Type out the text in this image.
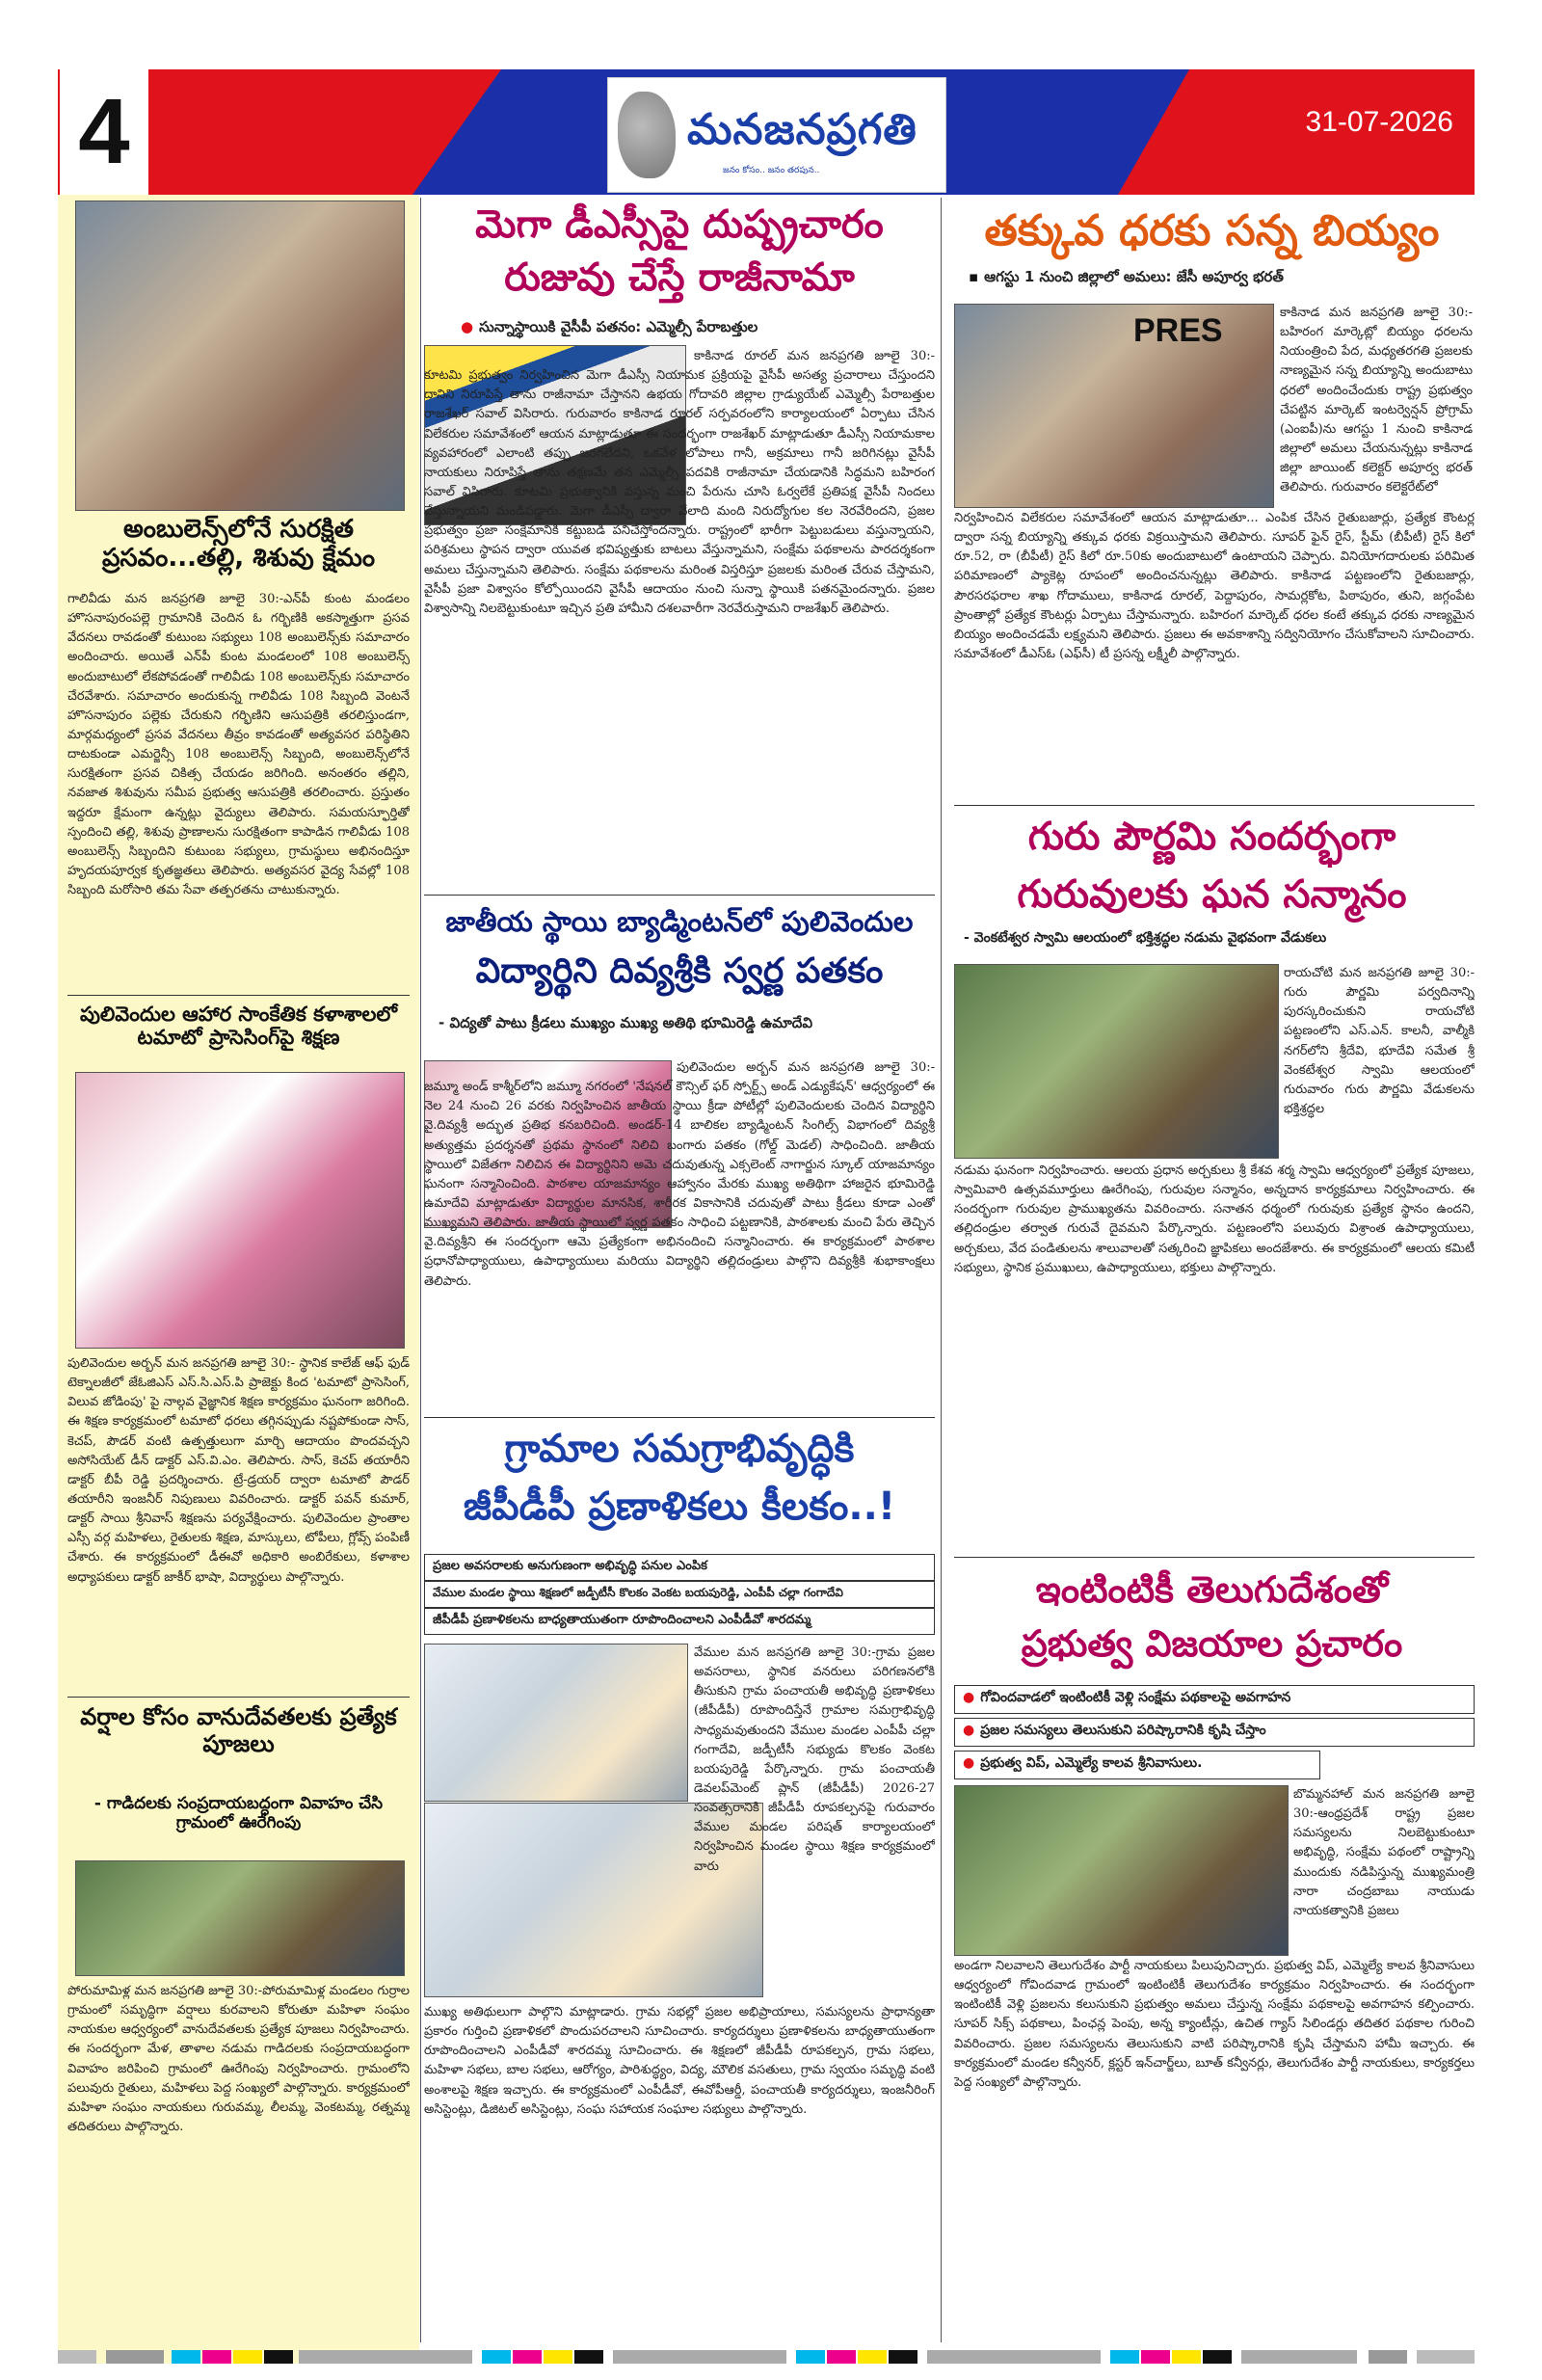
4	మనజనప్రగతి
జనం కోసం.. జనం తరపున..
31-07-2026
అంబులెన్స్‌లోనే సురక్షిత ప్రసవం...తల్లి, శిశువు క్షేమం
గాలివీడు మన జనప్రగతి జూలై 30:-ఎన్‌పీ కుంట మండలం హొసనాపురంపల్లె గ్రామానికి చెందిన ఓ గర్భిణికి అకస్మాత్తుగా ప్రసవ వేదనలు రావడంతో కుటుంబ సభ్యులు 108 అంబులెన్స్‌కు సమాచారం అందించారు. అయితే ఎన్‌పీ కుంట మండలంలో 108 అంబులెన్స్ అందుబాటులో లేకపోవడంతో గాలివీడు 108 అంబులెన్స్‌కు సమాచారం చేరవేశారు. సమాచారం అందుకున్న గాలివీడు 108 సిబ్బంది వెంటనే హొసనాపురం పల్లెకు చేరుకుని గర్భిణిని ఆసుపత్రికి తరలిస్తుండగా, మార్గమధ్యంలో ప్రసవ వేదనలు తీవ్రం కావడంతో అత్యవసర పరిస్థితిని దాటకుండా ఎమర్జెన్సీ 108 అంబులెన్స్ సిబ్బంది, అంబులెన్స్‌లోనే సురక్షితంగా ప్రసవ చికిత్స చేయడం జరిగింది. అనంతరం తల్లిని, నవజాత శిశువును సమీప ప్రభుత్వ ఆసుపత్రికి తరలించారు. ప్రస్తుతం ఇద్దరూ క్షేమంగా ఉన్నట్లు వైద్యులు తెలిపారు. సమయస్ఫూర్తితో స్పందించి తల్లి, శిశువు ప్రాణాలను సురక్షితంగా కాపాడిన గాలివీడు 108 అంబులెన్స్ సిబ్బందిని కుటుంబ సభ్యులు, గ్రామస్థులు అభినందిస్తూ హృదయపూర్వక కృతజ్ఞతలు తెలిపారు. అత్యవసర వైద్య సేవల్లో 108 సిబ్బంది మరోసారి తమ సేవా తత్పరతను చాటుకున్నారు.
పులివెందుల ఆహార సాంకేతిక కళాశాలలో టమాటో ప్రాసెసింగ్‌పై శిక్షణ
పులివెందుల అర్బన్ మన జనప్రగతి జూలై 30:- స్థానిక కాలేజ్ ఆఫ్ ఫుడ్ టెక్నాలజీలో జేఓజిఎస్ ఎస్.సి.ఎస్.పి ప్రాజెక్టు కింద 'టమాటో ప్రాసెసింగ్, విలువ జోడింపు' పై నాల్గవ వైజ్ఞానిక శిక్షణ కార్యక్రమం ఘనంగా జరిగింది. ఈ శిక్షణ కార్యక్రమంలో టమాటో ధరలు తగ్గినప్పుడు నష్టపోకుండా సాస్, కెచప్, పౌడర్ వంటి ఉత్పత్తులుగా మార్చి ఆదాయం పొందవచ్చని అసోసియేట్ డీన్ డాక్టర్ ఎస్.వి.ఎం. తెలిపారు. సాస్, కెచప్ తయారీని డాక్టర్ బీపీ రెడ్డి ప్రదర్శించారు. ట్రే-డ్రయర్ ద్వారా టమాటో పౌడర్ తయారీని ఇంజనీర్ నిపుణులు వివరించారు. డాక్టర్ పవన్ కుమార్, డాక్టర్ సాయి శ్రీనివాస్ శిక్షణను పర్యవేక్షించారు. పులివెందుల ప్రాంతాల ఎస్సీ వర్గ మహిళలు, రైతులకు శిక్షణ, మాస్కులు, టోపీలు, గ్లోవ్స్ పంపిణీ చేశారు. ఈ కార్యక్రమంలో డీఈవో అధికారి అంబిరేకులు, కళాశాల అధ్యాపకులు డాక్టర్ జాకీర్ భాషా, విద్యార్థులు పాల్గొన్నారు.
వర్షాల కోసం వానుదేవతలకు ప్రత్యేక పూజలు
- గాడిదలకు సంప్రదాయబద్ధంగా వివాహం చేసి గ్రామంలో ఊరేగింపు
పోరుమామిళ్ల మన జనప్రగతి జూలై 30:-పోరుమామిళ్ల మండలం గుర్రాల గ్రామంలో సమృద్ధిగా వర్షాలు కురవాలని కోరుతూ మహిళా సంఘం నాయకుల ఆధ్వర్యంలో వానుదేవతలకు ప్రత్యేక పూజలు నిర్వహించారు. ఈ సందర్భంగా మేళ, తాళాల నడుమ గాడిదలకు సంప్రదాయబద్ధంగా వివాహం జరిపించి గ్రామంలో ఊరేగింపు నిర్వహించారు. గ్రామంలోని పలువురు రైతులు, మహిళలు పెద్ద సంఖ్యలో పాల్గొన్నారు. కార్యక్రమంలో మహిళా సంఘం నాయకులు గురువమ్మ, లీలమ్మ, వెంకటమ్మ, రత్నమ్మ తదితరులు పాల్గొన్నారు.
మెగా డీఎస్సీపై దుష్ప్రచారం
రుజువు చేస్తే రాజీనామా
● సున్నాస్థాయికి వైసీపీ పతనం: ఎమ్మెల్సీ పేరాబత్తుల
కాకినాడ రూరల్ మన జనప్రగతి జూలై 30:-కూటమి ప్రభుత్వం నిర్వహించిన మెగా డీఎస్సీ నియామక ప్రక్రియపై వైసీపీ అసత్య ప్రచారాలు చేస్తుందని దానిని నిరూపిస్తే తాను రాజీనామా చేస్తానని ఉభయ గోదావరి జిల్లాల గ్రాడ్యుయేట్ ఎమ్మెల్సీ పేరాబత్తుల రాజశేఖర్ సవాల్ విసిరారు. గురువారం కాకినాడ రూరల్ సర్పవరంలోని కార్యాలయంలో ఏర్పాటు చేసిన విలేకరుల సమావేశంలో ఆయన మాట్లాడుతూ ఈ సందర్భంగా రాజశేఖర్ మాట్లాడుతూ డీఎస్సీ నియామకాల వ్యవహారంలో ఎలాంటి తప్పు జరగలేదని, ఒకవేళ లోపాలు గానీ, అక్రమాలు గానీ జరిగినట్లు వైసీపీ నాయకులు నిరూపిస్తే తాను తక్షణమే తన ఎమ్మెల్సీ పదవికి రాజీనామా చేయడానికి సిద్ధమని బహిరంగ సవాల్ విసిరారు. కూటమి ప్రభుత్వానికి వస్తున్న మంచి పేరును చూసి ఓర్వలేకే ప్రతిపక్ష వైసీపీ నిందలు వేస్తున్నాయని మండిపడ్డారు. మెగా డీఎస్సీ ద్వారా వేలాది మంది నిరుద్యోగుల కల నెరవేరిందని, ప్రజల ప్రభుత్వం ప్రజా సంక్షేమానికి కట్టుబడి పనిచేస్తోందన్నారు. రాష్ట్రంలో భారీగా పెట్టుబడులు వస్తున్నాయని, పరిశ్రమలు స్థాపన ద్వారా యువత భవిష్యత్తుకు బాటలు వేస్తున్నామని, సంక్షేమ పథకాలను పారదర్శకంగా అమలు చేస్తున్నామని తెలిపారు. సంక్షేమ పథకాలను మరింత విస్తరిస్తూ ప్రజలకు మరింత చేరువ చేస్తామని, వైసీపీ ప్రజా విశ్వాసం కోల్పోయిందని వైసీపీ ఆదాయం నుంచి సున్నా స్థాయికి పతనమైందన్నారు. ప్రజల విశ్వాసాన్ని నిలబెట్టుకుంటూ ఇచ్చిన ప్రతి హామీని దశలవారీగా నెరవేరుస్తామని రాజశేఖర్ తెలిపారు.
జాతీయ స్థాయి బ్యాడ్మింటన్‌లో పులివెందుల
విద్యార్థిని దివ్యశ్రీకి స్వర్ణ పతకం
- విద్యతో పాటు క్రీడలు ముఖ్యం ముఖ్య అతిథి భూమిరెడ్డి ఉమాదేవి
పులివెందుల అర్బన్ మన జనప్రగతి జూలై 30:-జమ్మూ అండ్ కాశ్మీర్‌లోని జమ్మూ నగరంలో 'నేషనల్ కౌన్సిల్ ఫర్ స్పోర్ట్స్ అండ్ ఎడ్యుకేషన్' ఆధ్వర్యంలో ఈ నెల 24 నుంచి 26 వరకు నిర్వహించిన జాతీయ స్థాయి క్రీడా పోటీల్లో పులివెందులకు చెందిన విద్యార్థిని వై.దివ్యశ్రీ అద్భుత ప్రతిభ కనబరిచింది. అండర్-14 బాలికల బ్యాడ్మింటన్ సింగిల్స్ విభాగంలో దివ్యశ్రీ అత్యుత్తమ ప్రదర్శనతో ప్రథమ స్థానంలో నిలిచి బంగారు పతకం (గోల్డ్ మెడల్) సాధించింది. జాతీయ స్థాయిలో విజేతగా నిలిచిన ఈ విద్యార్థినిని అమె చదువుతున్న ఎక్సలెంట్ నాగార్జున స్కూల్ యాజమాన్యం ఘనంగా సన్మానించింది. పాఠశాల యాజమాన్యం ఆహ్వానం మేరకు ముఖ్య అతిథిగా హాజరైన భూమిరెడ్డి ఉమాదేవి మాట్లాడుతూ విద్యార్థుల మానసిక, శారీరక వికాసానికి చదువుతో పాటు క్రీడలు కూడా ఎంతో ముఖ్యమని తెలిపారు. జాతీయ స్థాయిలో స్వర్ణ పతకం సాధించి పట్టణానికి, పాఠశాలకు మంచి పేరు తెచ్చిన వై.దివ్యశ్రీని ఈ సందర్భంగా ఆమె ప్రత్యేకంగా అభినందించి సన్మానించారు. ఈ కార్యక్రమంలో పాఠశాల ప్రధానోపాధ్యాయులు, ఉపాధ్యాయులు మరియు విద్యార్థిని తల్లిదండ్రులు పాల్గొని దివ్యశ్రీకి శుభాకాంక్షలు తెలిపారు.
గ్రామాల సమగ్రాభివృద్ధికి
జీపీడీపీ ప్రణాళికలు కీలకం..!
ప్రజల అవసరాలకు అనుగుణంగా అభివృద్ధి పనుల ఎంపిక
వేముల మండల స్థాయి శిక్షణలో జడ్పీటీసీ కొలకం వెంకట బయపురెడ్డి, ఎంపీపీ చల్లా గంగాదేవి
జీపీడీపీ ప్రణాళికలను బాధ్యతాయుతంగా రూపొందించాలని ఎంపీడీవో శారదమ్మ
వేముల మన జనప్రగతి జూలై 30:-గ్రామ ప్రజల అవసరాలు, స్థానిక వనరులు పరిగణనలోకి తీసుకుని గ్రామ పంచాయతీ అభివృద్ధి ప్రణాళికలు (జీపీడీపీ) రూపొందిస్తేనే గ్రామాల సమగ్రాభివృద్ధి సాధ్యమవుతుందని వేముల మండల ఎంపీపీ చల్లా గంగాదేవి, జడ్పీటీసీ సభ్యుడు కొలకం వెంకట బయపురెడ్డి పేర్కొన్నారు. గ్రామ పంచాయతీ డెవలప్‌మెంట్ ప్లాన్ (జీపీడీపీ) 2026-27 సంవత్సరానికి జీపీడీపీ రూపకల్పనపై గురువారం వేముల మండల పరిషత్ కార్యాలయంలో నిర్వహించిన మండల స్థాయి శిక్షణ కార్యక్రమంలో వారు
ముఖ్య అతిథులుగా పాల్గొని మాట్లాడారు. గ్రామ సభల్లో ప్రజల అభిప్రాయాలు, సమస్యలను ప్రాధాన్యతా ప్రకారం గుర్తించి ప్రణాళికలో పొందుపరచాలని సూచించారు. కార్యదర్శులు ప్రణాళికలను బాధ్యతాయుతంగా రూపొందించాలని ఎంపీడీవో శారదమ్మ సూచించారు. ఈ శిక్షణలో జీపీడీపీ రూపకల్పన, గ్రామ సభలు, మహిళా సభలు, బాల సభలు, ఆరోగ్యం, పారిశుద్ధ్యం, విద్య, మౌలిక వసతులు, గ్రామ స్వయం సమృద్ధి వంటి అంశాలపై శిక్షణ ఇచ్చారు. ఈ కార్యక్రమంలో ఎంపీడీవో, ఈవోపీఆర్డీ, పంచాయతీ కార్యదర్శులు, ఇంజనీరింగ్ అసిస్టెంట్లు, డిజిటల్ అసిస్టెంట్లు, సంఘ సహాయక సంఘాల సభ్యులు పాల్గొన్నారు.
తక్కువ ధరకు సన్న బియ్యం
▪ ఆగస్టు 1 నుంచి జిల్లాలో అమలు: జేసీ అపూర్వ భరత్
PRES	కాకినాడ మన జనప్రగతి జూలై 30:-బహిరంగ మార్కెట్లో బియ్యం ధరలను నియంత్రించి పేద, మధ్యతరగతి ప్రజలకు నాణ్యమైన సన్న బియ్యాన్ని అందుబాటు ధరలో అందించేందుకు రాష్ట్ర ప్రభుత్వం చేపట్టిన మార్కెట్ ఇంటర్వెన్షన్ ప్రోగ్రామ్ (ఎంఐపీ)ను ఆగస్టు 1 నుంచి కాకినాడ జిల్లాలో అమలు చేయనున్నట్లు కాకినాడ జిల్లా జాయింట్ కలెక్టర్ అపూర్వ భరత్ తెలిపారు. గురువారం కలెక్టరేట్‌లో
నిర్వహించిన విలేకరుల సమావేశంలో ఆయన మాట్లాడుతూ... ఎంపిక చేసిన రైతుబజార్లు, ప్రత్యేక కౌంటర్ల ద్వారా సన్న బియ్యాన్ని తక్కువ ధరకు విక్రయిస్తామని తెలిపారు. సూపర్ ఫైన్ రైస్, స్టీమ్ (బీపీటీ) రైస్ కిలో రూ.52, రా (బీపీటీ) రైస్ కిలో రూ.50కు అందుబాటులో ఉంటాయని చెప్పారు. వినియోగదారులకు పరిమిత పరిమాణంలో ప్యాకెట్ల రూపంలో అందించనున్నట్లు తెలిపారు. కాకినాడ పట్టణంలోని రైతుబజార్లు, పౌరసరఫరాల శాఖ గోదాములు, కాకినాడ రూరల్, పెద్దాపురం, సామర్లకోట, పిఠాపురం, తుని, జగ్గంపేట ప్రాంతాల్లో ప్రత్యేక కౌంటర్లు ఏర్పాటు చేస్తామన్నారు. బహిరంగ మార్కెట్ ధరల కంటే తక్కువ ధరకు నాణ్యమైన బియ్యం అందించడమే లక్ష్యమని తెలిపారు. ప్రజలు ఈ అవకాశాన్ని సద్వినియోగం చేసుకోవాలని సూచించారు. సమావేశంలో డీఎస్‌ఓ (ఎఫ్‌సీ) టీ ప్రసన్న లక్ష్మీలీ పాల్గొన్నారు.
గురు పౌర్ణమి సందర్భంగా
గురువులకు ఘన సన్మానం
- వెంకటేశ్వర స్వామి ఆలయంలో భక్తిశ్రద్ధల నడుమ వైభవంగా వేడుకలు
రాయచోటి మన జనప్రగతి జూలై 30:-గురు పౌర్ణమి పర్వదినాన్ని పురస్కరించుకుని రాయచోటి పట్టణంలోని ఎస్.ఎన్. కాలనీ, వాల్మీకి నగర్‌లోని శ్రీదేవి, భూదేవి సమేత శ్రీ వెంకటేశ్వర స్వామి ఆలయంలో గురువారం గురు పౌర్ణమి వేడుకలను భక్తిశ్రద్ధల
నడుమ ఘనంగా నిర్వహించారు. ఆలయ ప్రధాన అర్చకులు శ్రీ కేశవ శర్మ స్వామి ఆధ్వర్యంలో ప్రత్యేక పూజలు, స్వామివారి ఉత్సవమూర్తులు ఊరేగింపు, గురువుల సన్మానం, అన్నదాన కార్యక్రమాలు నిర్వహించారు. ఈ సందర్భంగా గురువుల ప్రాముఖ్యతను వివరించారు. సనాతన ధర్మంలో గురువుకు ప్రత్యేక స్థానం ఉందని, తల్లిదండ్రుల తర్వాత గురువే దైవమని పేర్కొన్నారు. పట్టణంలోని పలువురు విశ్రాంత ఉపాధ్యాయులు, అర్చకులు, వేద పండితులను శాలువాలతో సత్కరించి జ్ఞాపికలు అందజేశారు. ఈ కార్యక్రమంలో ఆలయ కమిటీ సభ్యులు, స్థానిక ప్రముఖులు, ఉపాధ్యాయులు, భక్తులు పాల్గొన్నారు.
ఇంటింటికీ తెలుగుదేశంతో
ప్రభుత్వ విజయాల ప్రచారం
● గోవిందవాడలో ఇంటింటికీ వెళ్లి సంక్షేమ పథకాలపై అవగాహన
● ప్రజల సమస్యలు తెలుసుకుని పరిష్కారానికి కృషి చేస్తాం
● ప్రభుత్వ విప్, ఎమ్మెల్యే కాలవ శ్రీనివాసులు.
బొమ్మనహాల్ మన జనప్రగతి జూలై 30:-ఆంధ్రప్రదేశ్ రాష్ట్ర ప్రజల సమస్యలను నిలబెట్టుకుంటూ అభివృద్ధి, సంక్షేమ పథంలో రాష్ట్రాన్ని ముందుకు నడిపిస్తున్న ముఖ్యమంత్రి నారా చంద్రబాబు నాయుడు నాయకత్వానికి ప్రజలు
అండగా నిలవాలని తెలుగుదేశం పార్టీ నాయకులు పిలుపునిచ్చారు. ప్రభుత్వ విప్, ఎమ్మెల్యే కాలవ శ్రీనివాసులు ఆధ్వర్యంలో గోవిందవాడ గ్రామంలో ఇంటింటికీ తెలుగుదేశం కార్యక్రమం నిర్వహించారు. ఈ సందర్భంగా ఇంటింటికీ వెళ్లి ప్రజలను కలుసుకుని ప్రభుత్వం అమలు చేస్తున్న సంక్షేమ పథకాలపై అవగాహన కల్పించారు. సూపర్ సిక్స్ పథకాలు, పింఛన్ల పెంపు, అన్న క్యాంటీన్లు, ఉచిత గ్యాస్ సిలిండర్లు తదితర పథకాల గురించి వివరించారు. ప్రజల సమస్యలను తెలుసుకుని వాటి పరిష్కారానికి కృషి చేస్తామని హామీ ఇచ్చారు. ఈ కార్యక్రమంలో మండల కన్వీనర్, క్లస్టర్ ఇన్‌చార్జ్‌లు, బూత్ కన్వీనర్లు, తెలుగుదేశం పార్టీ నాయకులు, కార్యకర్తలు పెద్ద సంఖ్యలో పాల్గొన్నారు.
